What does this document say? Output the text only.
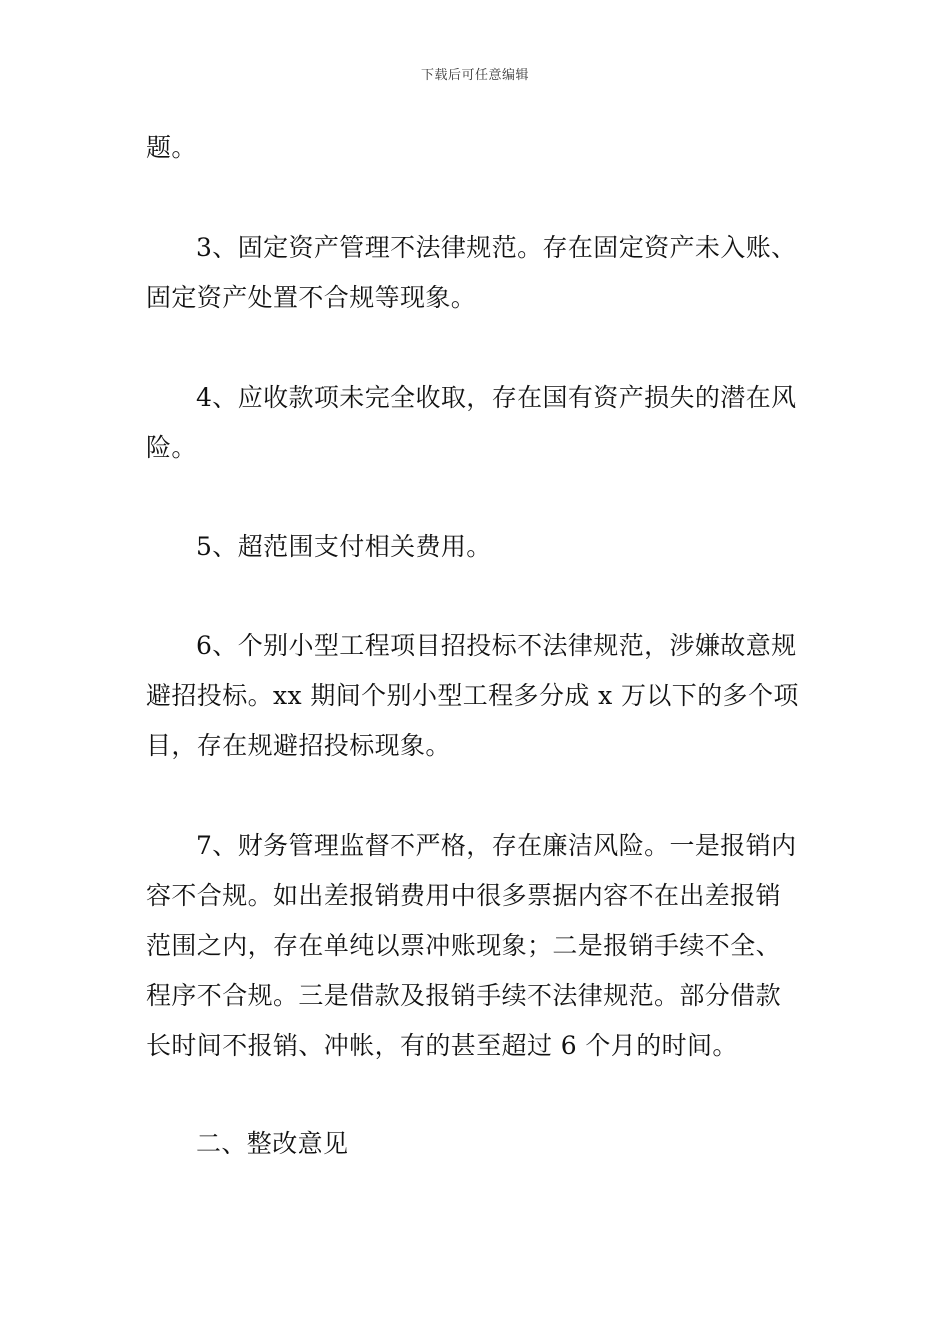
下载后可任意编辑
题。
3、固定资产管理不法律规范。存在固定资产未入账、
固定资产处置不合规等现象。
4、应收款项未完全收取，存在国有资产损失的潜在风
险。
5、超范围支付相关费用。
6、个别小型工程项目招投标不法律规范，涉嫌故意规
避招投标。xx 期间个别小型工程多分成 x 万以下的多个项
目，存在规避招投标现象。
7、财务管理监督不严格，存在廉洁风险。一是报销内
容不合规。如出差报销费用中很多票据内容不在出差报销
范围之内，存在单纯以票冲账现象；二是报销手续不全、
程序不合规。三是借款及报销手续不法律规范。部分借款
长时间不报销、冲帐，有的甚至超过 6 个月的时间。
二、整改意见
